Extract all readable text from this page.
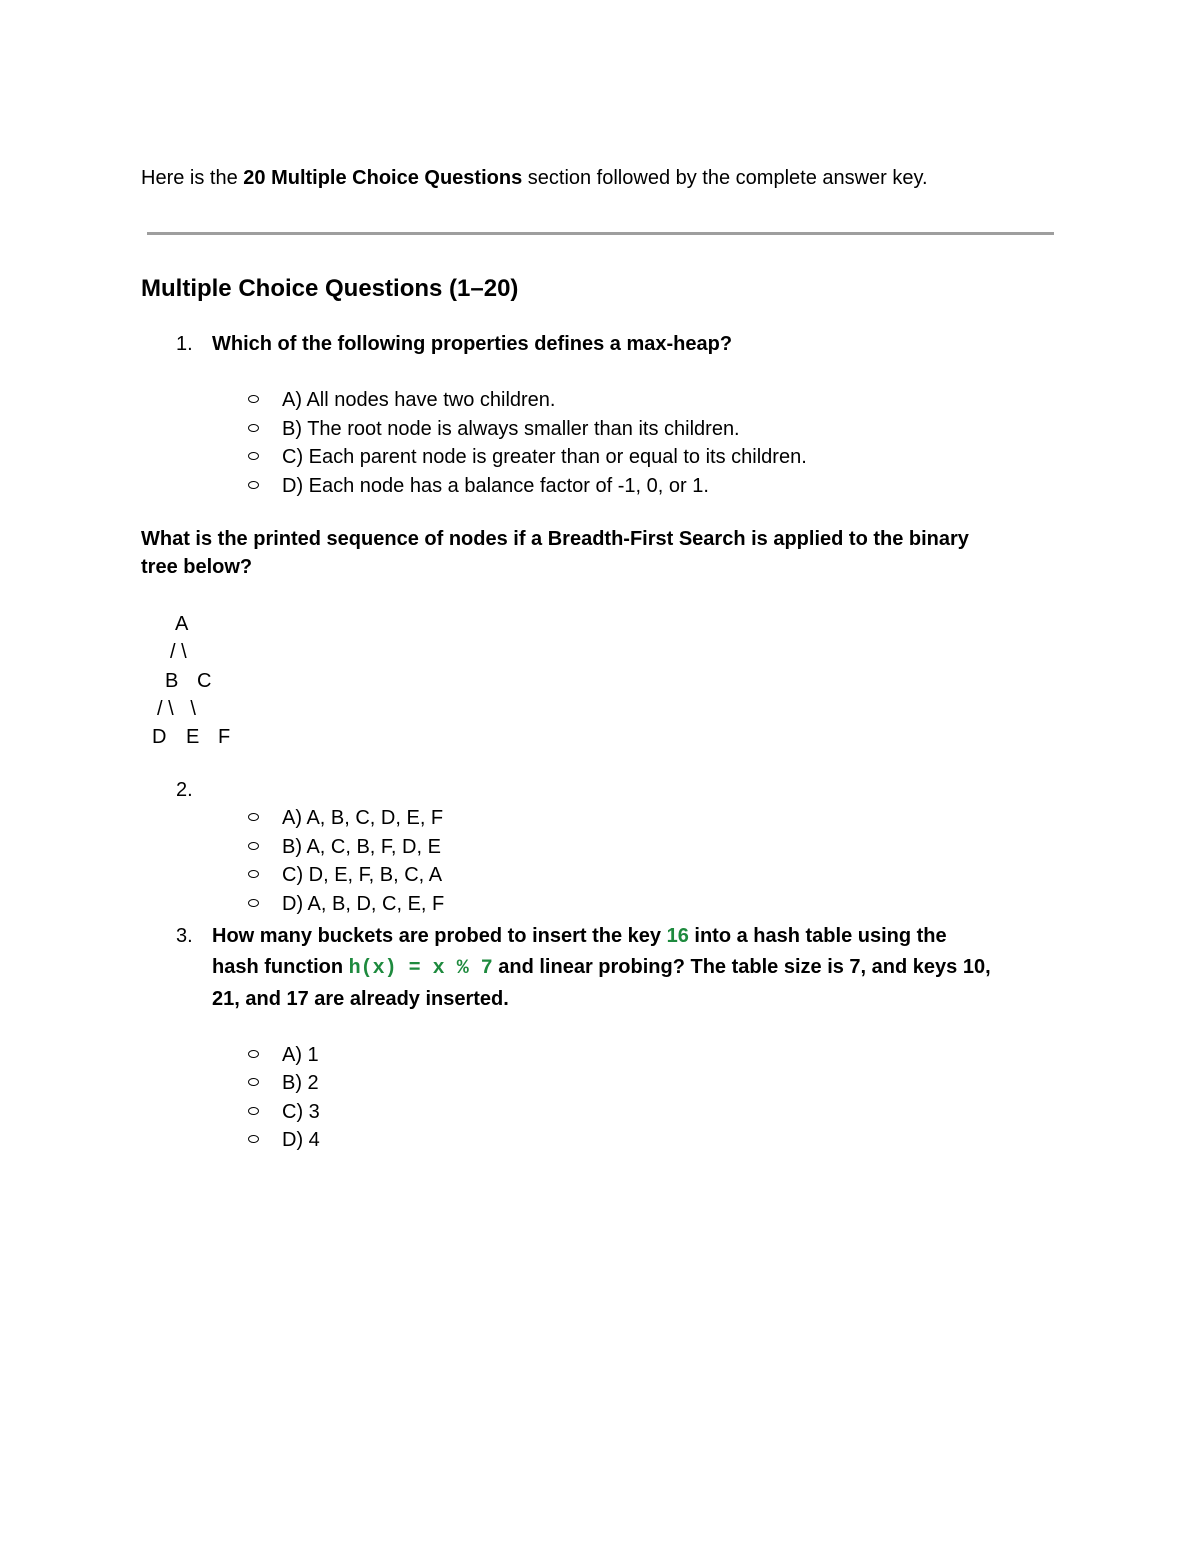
Here is the 20 Multiple Choice Questions section followed by the complete answer key.
Multiple Choice Questions (1–20)
1. Which of the following properties defines a max-heap?
A) All nodes have two children.
B) The root node is always smaller than its children.
C) Each parent node is greater than or equal to its children.
D) Each node has a balance factor of -1, 0, or 1.
What is the printed sequence of nodes if a Breadth-First Search is applied to the binary
tree below?
A
/ \
B C
/ \   \
D E F
2.
A) A, B, C, D, E, F
B) A, C, B, F, D, E
C) D, E, F, B, C, A
D) A, B, D, C, E, F
3. How many buckets are probed to insert the key 16 into a hash table using the
hash function h(x) = x % 7 and linear probing? The table size is 7, and keys 10,
21, and 17 are already inserted.
A) 1
B) 2
C) 3
D) 4
